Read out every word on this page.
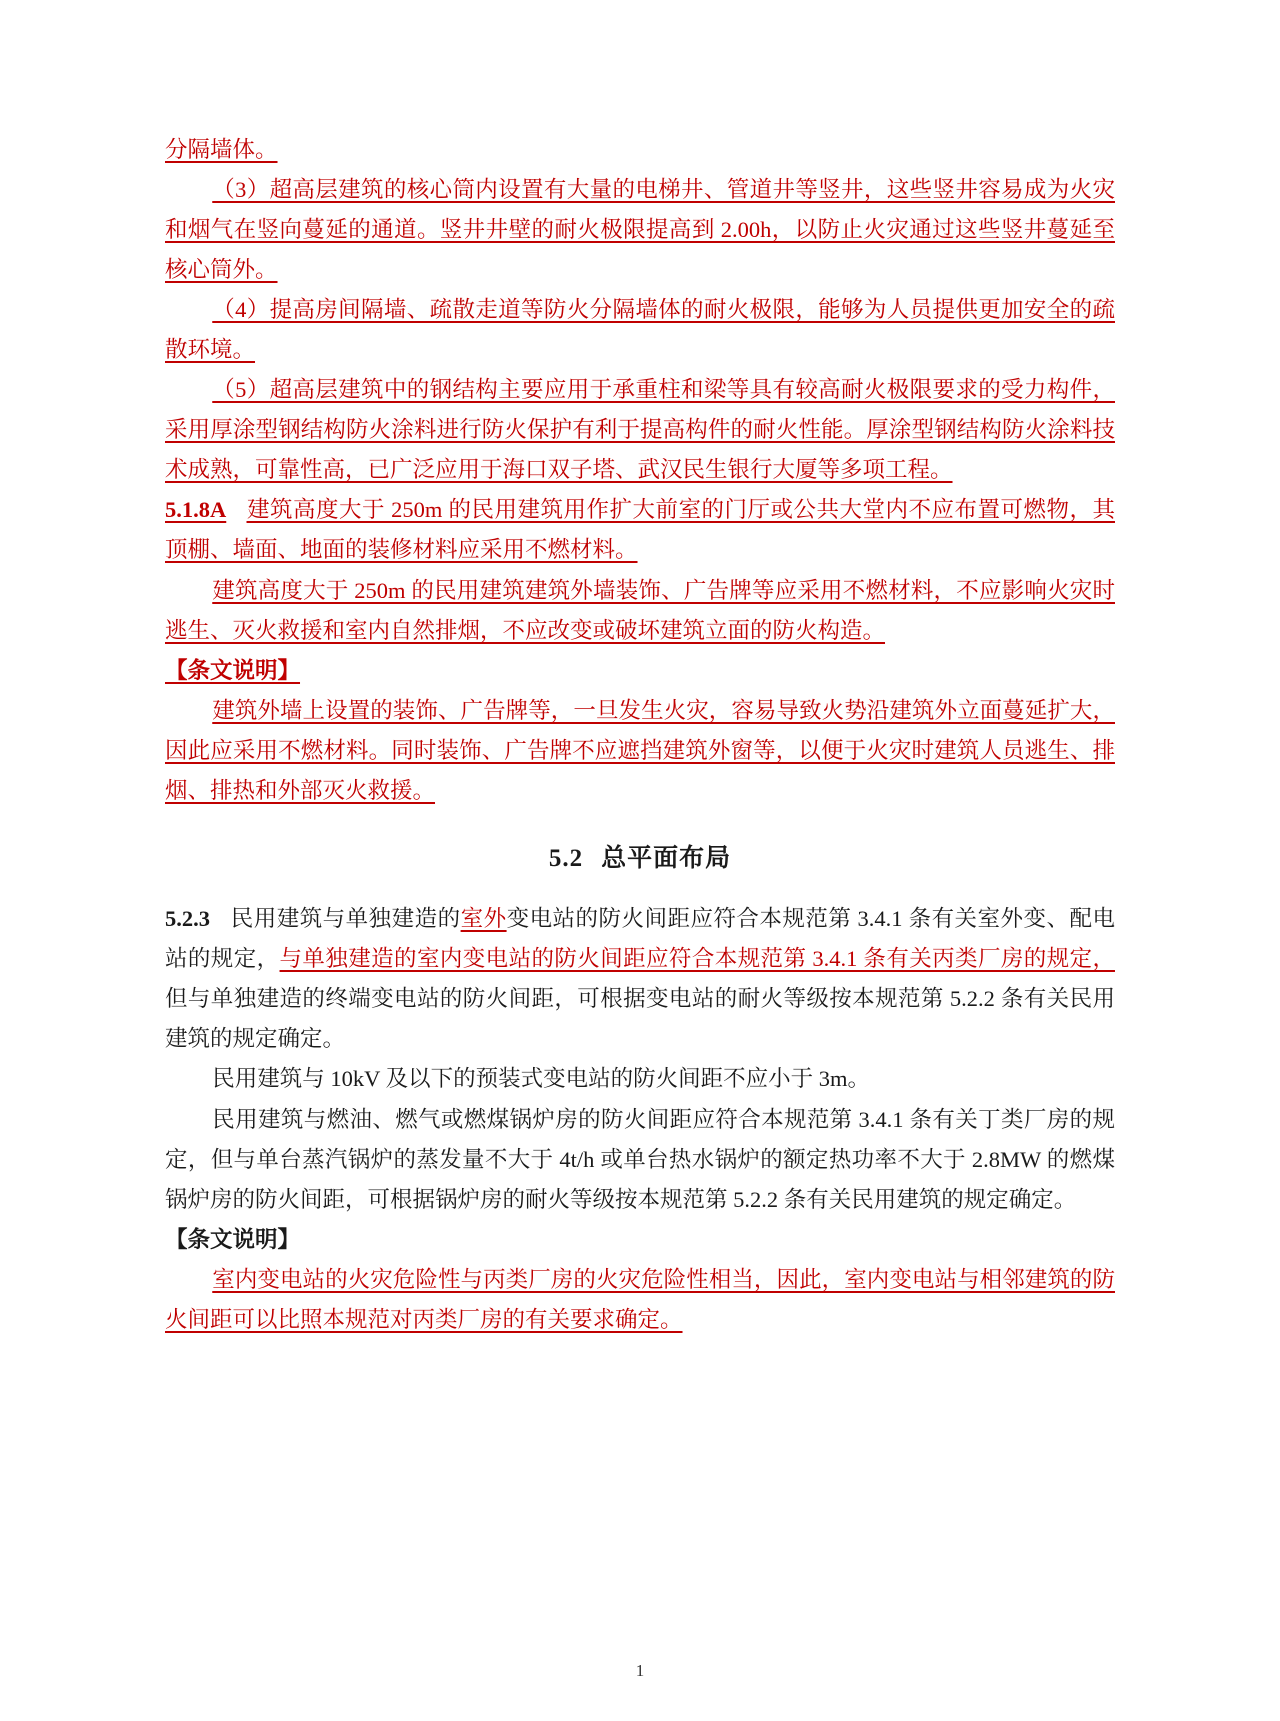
分隔墙体。

（3）超高层建筑的核心筒内设置有大量的电梯井、管道井等竖井，这些竖井容易成为火灾和烟气在竖向蔓延的通道。竖井井壁的耐火极限提高到 2.00h，以防止火灾通过这些竖井蔓延至核心筒外。

（4）提高房间隔墙、疏散走道等防火分隔墙体的耐火极限，能够为人员提供更加安全的疏散环境。

（5）超高层建筑中的钢结构主要应用于承重柱和梁等具有较高耐火极限要求的受力构件，采用厚涂型钢结构防火涂料进行防火保护有利于提高构件的耐火性能。厚涂型钢结构防火涂料技术成熟，可靠性高，已广泛应用于海口双子塔、武汉民生银行大厦等多项工程。

5.1.8A 建筑高度大于 250m 的民用建筑用作扩大前室的门厅或公共大堂内不应布置可燃物，其顶棚、墙面、地面的装修材料应采用不燃材料。

建筑高度大于 250m 的民用建筑建筑外墙装饰、广告牌等应采用不燃材料，不应影响火灾时逃生、灭火救援和室内自然排烟，不应改变或破坏建筑立面的防火构造。

【条文说明】

建筑外墙上设置的装饰、广告牌等，一旦发生火灾，容易导致火势沿建筑外立面蔓延扩大，因此应采用不燃材料。同时装饰、广告牌不应遮挡建筑外窗等，以便于火灾时建筑人员逃生、排烟、排热和外部灭火救援。

5.2 总平面布局

5.2.3 民用建筑与单独建造的室外变电站的防火间距应符合本规范第 3.4.1 条有关室外变、配电站的规定，与单独建造的室内变电站的防火间距应符合本规范第 3.4.1 条有关丙类厂房的规定，但与单独建造的终端变电站的防火间距，可根据变电站的耐火等级按本规范第 5.2.2 条有关民用建筑的规定确定。

民用建筑与 10kV 及以下的预装式变电站的防火间距不应小于 3m。

民用建筑与燃油、燃气或燃煤锅炉房的防火间距应符合本规范第 3.4.1 条有关丁类厂房的规定，但与单台蒸汽锅炉的蒸发量不大于 4t/h 或单台热水锅炉的额定热功率不大于 2.8MW 的燃煤锅炉房的防火间距，可根据锅炉房的耐火等级按本规范第 5.2.2 条有关民用建筑的规定确定。

【条文说明】

室内变电站的火灾危险性与丙类厂房的火灾危险性相当，因此，室内变电站与相邻建筑的防火间距可以比照本规范对丙类厂房的有关要求确定。

1
